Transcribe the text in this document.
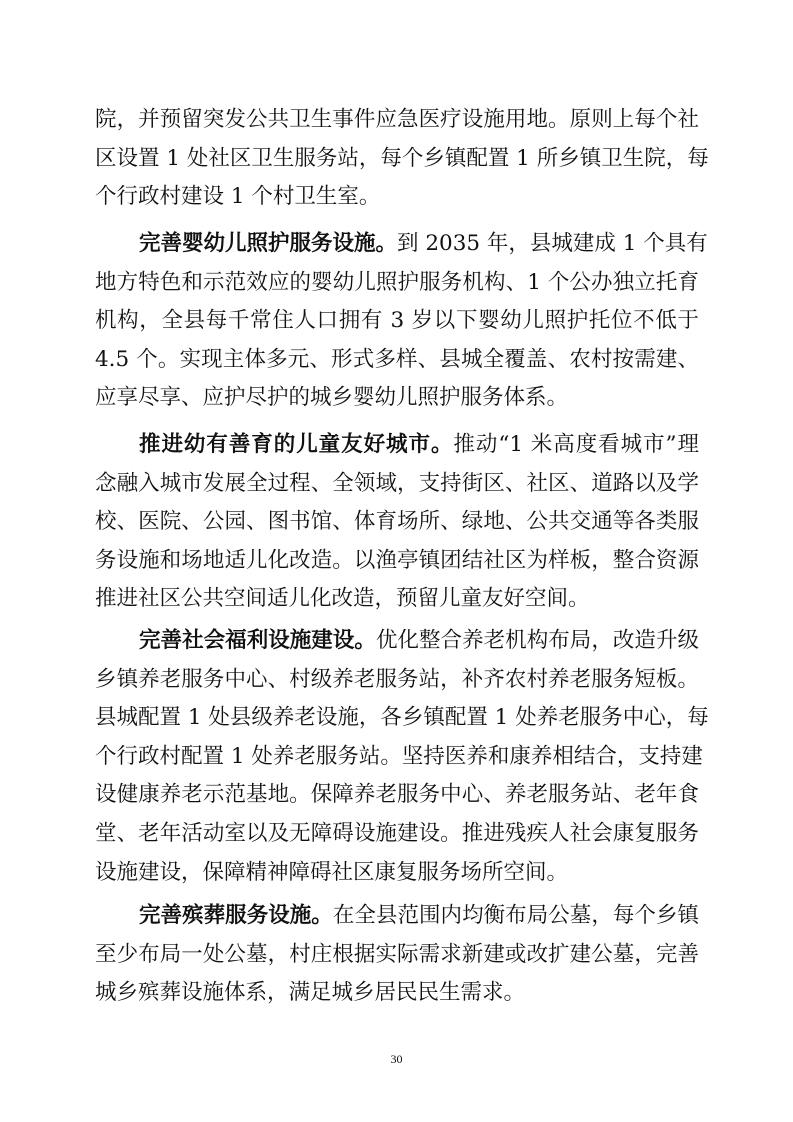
院，并预留突发公共卫生事件应急医疗设施用地。原则上每个社
区设置 1 处社区卫生服务站，每个乡镇配置 1 所乡镇卫生院，每
个行政村建设 1 个村卫生室。
完善婴幼儿照护服务设施。到 2035 年，县城建成 1 个具有
地方特色和示范效应的婴幼儿照护服务机构、1 个公办独立托育
机构，全县每千常住人口拥有 3 岁以下婴幼儿照护托位不低于
4.5 个。实现主体多元、形式多样、县城全覆盖、农村按需建、
应享尽享、应护尽护的城乡婴幼儿照护服务体系。
推进幼有善育的儿童友好城市。推动“1 米高度看城市”理
念融入城市发展全过程、全领域，支持街区、社区、道路以及学
校、医院、公园、图书馆、体育场所、绿地、公共交通等各类服
务设施和场地适儿化改造。以渔亭镇团结社区为样板，整合资源
推进社区公共空间适儿化改造，预留儿童友好空间。
完善社会福利设施建设。优化整合养老机构布局，改造升级
乡镇养老服务中心、村级养老服务站，补齐农村养老服务短板。
县城配置 1 处县级养老设施，各乡镇配置 1 处养老服务中心，每
个行政村配置 1 处养老服务站。坚持医养和康养相结合，支持建
设健康养老示范基地。保障养老服务中心、养老服务站、老年食
堂、老年活动室以及无障碍设施建设。推进残疾人社会康复服务
设施建设，保障精神障碍社区康复服务场所空间。
完善殡葬服务设施。在全县范围内均衡布局公墓，每个乡镇
至少布局一处公墓，村庄根据实际需求新建或改扩建公墓，完善
城乡殡葬设施体系，满足城乡居民民生需求。
30
